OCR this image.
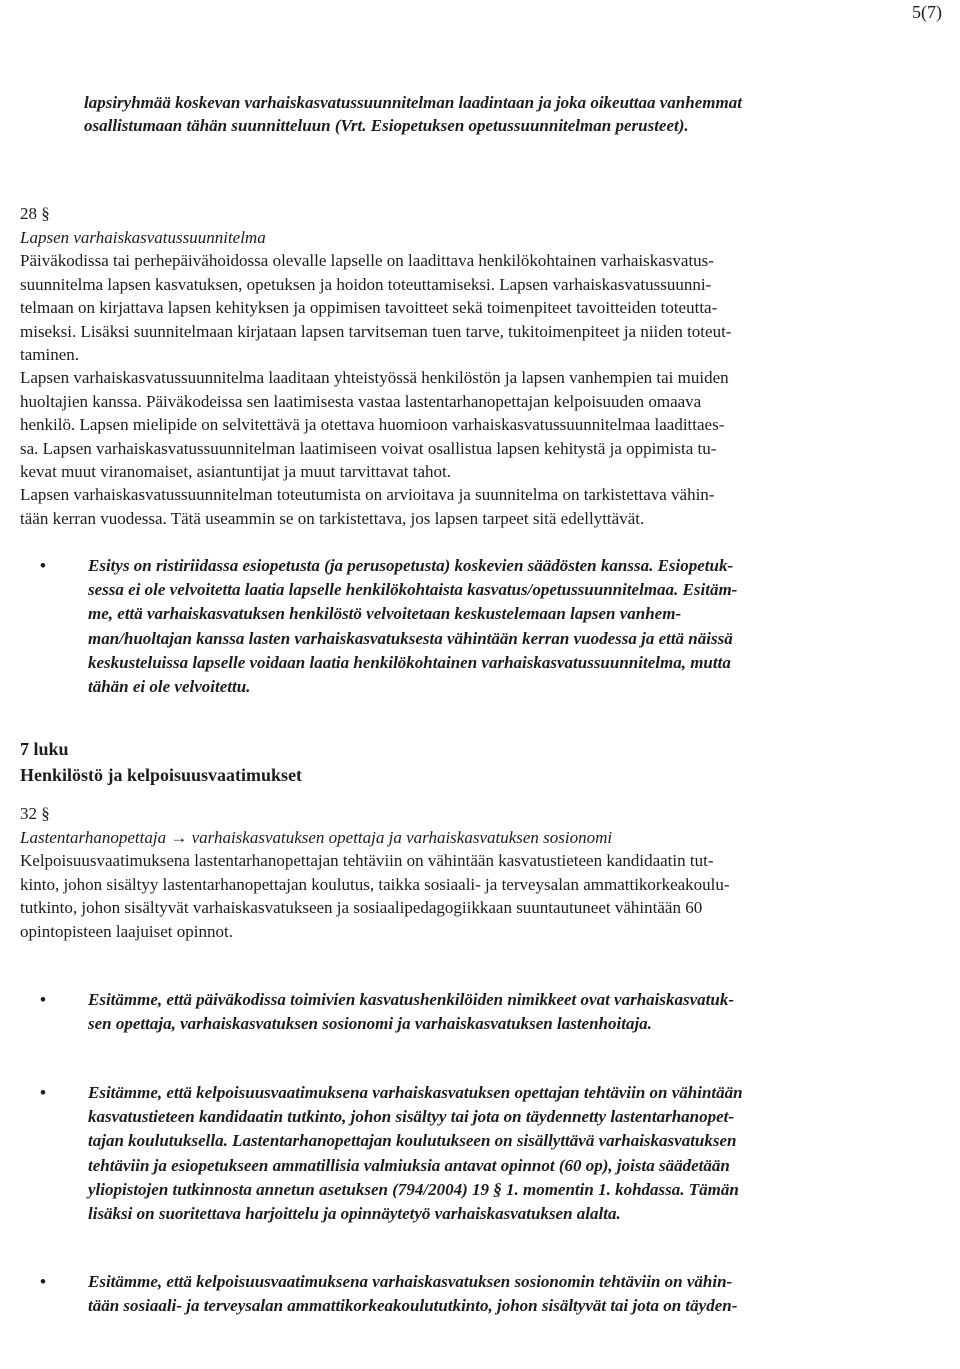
5(7)
lapsiryhmää koskevan varhaiskasvatussuunnitelman laadintaan ja joka oikeuttaa vanhemmat
osallistumaan tähän suunnitteluun (Vrt. Esiopetuksen opetussuunnitelman perusteet).
28 §
Lapsen varhaiskasvatussuunnitelma
Päiväkodissa tai perhepäivähoidossa olevalle lapselle on laadittava henkilökohtainen varhaiskasvatus-
suunnitelma lapsen kasvatuksen, opetuksen ja hoidon toteuttamiseksi. Lapsen varhaiskasvatussuunni-
telmaan on kirjattava lapsen kehityksen ja oppimisen tavoitteet sekä toimenpiteet tavoitteiden toteutta-
miseksi. Lisäksi suunnitelmaan kirjataan lapsen tarvitseman tuen tarve, tukitoimenpiteet ja niiden toteut-
taminen.
Lapsen varhaiskasvatussuunnitelma laaditaan yhteistyössä henkilöstön ja lapsen vanhempien tai muiden
huoltajien kanssa. Päiväkodeissa sen laatimisesta vastaa lastentarhanopettajan kelpoisuuden omaava
henkilö. Lapsen mielipide on selvitettävä ja otettava huomioon varhaiskasvatussuunnitelmaa laadittaes-
sa. Lapsen varhaiskasvatussuunnitelman laatimiseen voivat osallistua lapsen kehitystä ja oppimista tu-
kevat muut viranomaiset, asiantuntijat ja muut tarvittavat tahot.
Lapsen varhaiskasvatussuunnitelman toteutumista on arvioitava ja suunnitelma on tarkistettava vähin-
tään kerran vuodessa. Tätä useammin se on tarkistettava, jos lapsen tarpeet sitä edellyttävät.
• Esitys on ristiriidassa esiopetusta (ja perusopetusta) koskevien säädösten kanssa. Esiopetuk-
sessa ei ole velvoitetta laatia lapselle henkilökohtaista kasvatus/opetussuunnitelmaa. Esitäm-
me, että varhaiskasvatuksen henkilöstö velvoitetaan keskustelemaan lapsen vanhem-
man/huoltajan kanssa lasten varhaiskasvatuksesta vähintään kerran vuodessa ja että näissä
keskusteluissa lapselle voidaan laatia henkilökohtainen varhaiskasvatussuunnitelma, mutta
tähän ei ole velvoitettu.
7 luku
Henkilöstö ja kelpoisuusvaatimukset
32 §
Lastentarhanopettaja → varhaiskasvatuksen opettaja ja varhaiskasvatuksen sosionomi
Kelpoisuusvaatimuksena lastentarhanopettajan tehtäviin on vähintään kasvatustieteen kandidaatin tut-
kinto, johon sisältyy lastentarhanopettajan koulutus, taikka sosiaali- ja terveysalan ammattikorkeakoulu-
tutkinto, johon sisältyvät varhaiskasvatukseen ja sosiaalipedagogiikkaan suuntautuneet vähintään 60
opintopisteen laajuiset opinnot.
• Esitämme, että päiväkodissa toimivien kasvatushenkilöiden nimikkeet ovat varhaiskasvatuk-
sen opettaja, varhaiskasvatuksen sosionomi ja varhaiskasvatuksen lastenhoitaja.
• Esitämme, että kelpoisuusvaatimuksena varhaiskasvatuksen opettajan tehtäviin on vähintään
kasvatustieteen kandidaatin tutkinto, johon sisältyy tai jota on täydennetty lastentarhanopet-
tajan koulutuksella. Lastentarhanopettajan koulutukseen on sisällyttävä varhaiskasvatuksen
tehtäviin ja esiopetukseen ammatillisia valmiuksia antavat opinnot (60 op), joista säädetään
yliopistojen tutkinnosta annetun asetuksen (794/2004) 19 § 1. momentin 1. kohdassa. Tämän
lisäksi on suoritettava harjoittelu ja opinnäytetyö varhaiskasvatuksen alalta.
• Esitämme, että kelpoisuusvaatimuksena varhaiskasvatuksen sosionomin tehtäviin on vähin-
tään sosiaali- ja terveysalan ammattikorkeakoulututkinto, johon sisältyvät tai jota on täyden-
